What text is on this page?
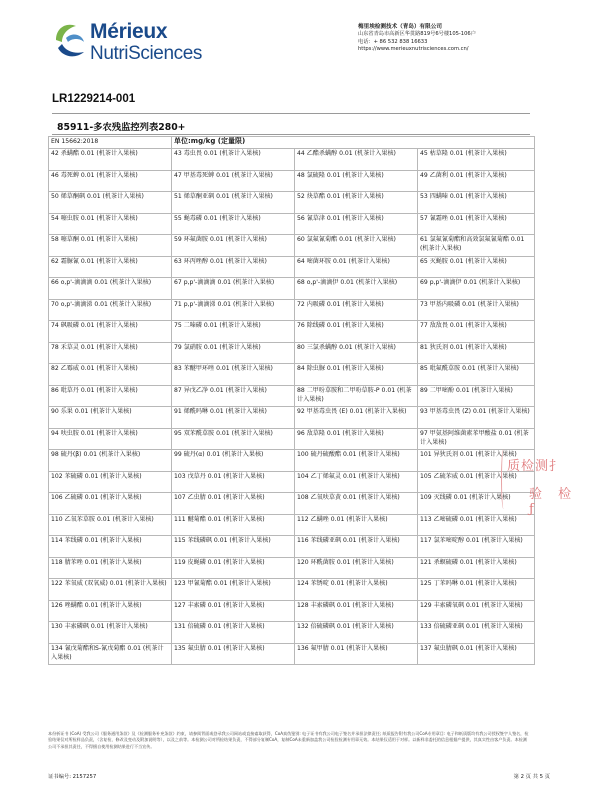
Mérieux
NutriSciences
梅里埃检测技术（青岛）有限公司
山东省青岛市高新区华贯路819号6号楼105-106户
电话：+ 86 532 838 16633
https://www.merieuxnutrisciences.com.cn/
LR1229214-001
85911-多农残监控列表280+
EN 15662:2018	单位:mg/kg (定量限)		
42 杀螨酯 0.01 (机茶计入果核)	43 毒虫畏 0.01 (机茶计入果核)	44 乙酯杀螨醇 0.01 (机茶计入果核)	45 枯草隆 0.01 (机茶计入果核)
46 毒死蜱 0.01 (机茶计入果核)	47 甲基毒死蜱 0.01 (机茶计入果核)	48 氯硫隆 0.01 (机茶计入果核)	49 乙菌利 0.01 (机茶计入果核)
50 烯草酮砜 0.01 (机茶计入果核)	51 烯草酮亚砜 0.01 (机茶计入果核)	52 炔草酯 0.01 (机茶计入果核)	53 四螨嗪 0.01 (机茶计入果核)
54 噻虫胺 0.01 (机茶计入果核)	55 蝇毒磷 0.01 (机茶计入果核)	56 氰草津 0.01 (机茶计入果核)	57 氰霜唑 0.01 (机茶计入果核)
58 噻草酮 0.01 (机茶计入果核)	59 环氟菌胺 0.01 (机茶计入果核)	60 氯氟氰菊酯 0.01 (机茶计入果核)	61 氯氟氰菊酯和高效氯氟氰菊酯 0.01 (机茶计入果核)
62 霜脲氰 0.01 (机茶计入果核)	63 环丙唑醇 0.01 (机茶计入果核)	64 嘧菌环胺 0.01 (机茶计入果核)	65 灭蝇胺 0.01 (机茶计入果核)
66 o,p'-滴滴滴 0.01 (机茶计入果核)	67 p,p'-滴滴滴 0.01 (机茶计入果核)	68 o,p'-滴滴伊 0.01 (机茶计入果核)	69 p,p'-滴滴伊 0.01 (机茶计入果核)
70 o,p'-滴滴涕 0.01 (机茶计入果核)	71 p,p'-滴滴涕 0.01 (机茶计入果核)	72 内吸磷 0.01 (机茶计入果核)	73 甲基内吸磷 0.01 (机茶计入果核)
74 砜吸磷 0.01 (机茶计入果核)	75 二嗪磷 0.01 (机茶计入果核)	76 除线磷 0.01 (机茶计入果核)	77 敌敌畏 0.01 (机茶计入果核)
78 禾草灵 0.01 (机茶计入果核)	79 氯硝胺 0.01 (机茶计入果核)	80 三氯杀螨醇 0.01 (机茶计入果核)	81 狄氏剂 0.01 (机茶计入果核)
82 乙霉威 0.01 (机茶计入果核)	83 苯醚甲环唑 0.01 (机茶计入果核)	84 除虫脲 0.01 (机茶计入果核)	85 吡氟酰草胺 0.01 (机茶计入果核)
86 吡草丹 0.01 (机茶计入果核)	87 异戊乙净 0.01 (机茶计入果核)	88 二甲吩草胺和二甲吩草胺-P 0.01 (机茶计入果核)	89 二甲嘧酚 0.01 (机茶计入果核)
90 乐果 0.01 (机茶计入果核)	91 烯酰吗啉 0.01 (机茶计入果核)	92 甲基毒虫畏 (E) 0.01 (机茶计入果核)	93 甲基毒虫畏 (Z) 0.01 (机茶计入果核)
94 呋虫胺 0.01 (机茶计入果核)	95 双苯酰草胺 0.01 (机茶计入果核)	96 敌草隆 0.01 (机茶计入果核)	97 甲氨基阿维菌素苯甲酸盐 0.01 (机茶计入果核)
98 硫丹(β) 0.01 (机茶计入果核)	99 硫丹(α) 0.01 (机茶计入果核)	100 硫丹硫酸酯 0.01 (机茶计入果核)	101 异狄氏剂 0.01 (机茶计入果核)
102 苯硫磷 0.01 (机茶计入果核)	103 戊草丹 0.01 (机茶计入果核)	104 乙丁烯氟灵 0.01 (机茶计入果核)	105 乙硫苯威 0.01 (机茶计入果核)
106 乙硫磷 0.01 (机茶计入果核)	107 乙虫腈 0.01 (机茶计入果核)	108 乙氧呋草黄 0.01 (机茶计入果核)	109 灭线磷 0.01 (机茶计入果核)
110 乙氧苯草胺 0.01 (机茶计入果核)	111 醚菊酯 0.01 (机茶计入果核)	112 乙螨唑 0.01 (机茶计入果核)	113 乙嘧硫磷 0.01 (机茶计入果核)
114 苯线磷 0.01 (机茶计入果核)	115 苯线磷砜 0.01 (机茶计入果核)	116 苯线磷亚砜 0.01 (机茶计入果核)	117 氯苯嘧啶醇 0.01 (机茶计入果核)
118 腈苯唑 0.01 (机茶计入果核)	119 皮蝇磷 0.01 (机茶计入果核)	120 环酰菌胺 0.01 (机茶计入果核)	121 杀螟硫磷 0.01 (机茶计入果核)
122 苯氧威 (双氧威) 0.01 (机茶计入果核)	123 甲氰菊酯 0.01 (机茶计入果核)	124 苯锈啶 0.01 (机茶计入果核)	125 丁苯吗啉 0.01 (机茶计入果核)
126 唑螨酯 0.01 (机茶计入果核)	127 丰索磷 0.01 (机茶计入果核)	128 丰索磷砜 0.01 (机茶计入果核)	129 丰索磷氧砜 0.01 (机茶计入果核)
130 丰索磷砜 0.01 (机茶计入果核)	131 倍硫磷 0.01 (机茶计入果核)	132 倍硫磷砜 0.01 (机茶计入果核)	133 倍硫磷亚砜 0.01 (机茶计入果核)
134 氰戊菊酯和S-氰戊菊酯 0.01 (机茶计入果核)	135 氟虫腈 0.01 (机茶计入果核)	136 氟甲腈 0.01 (机茶计入果核)	137 氟虫腈砜 0.01 (机茶计入果核)
质检测扌
验 检 ƒ
本份析证书 (CoA) 受我公司《服务通用条款》及《检测服务补充条款》约束，请参阅背面或登录我公司网站或直接索取获得，CoA真伪鉴别: 电子证书有我公司电子签名并承担法律责任; 纸质报告附有我公司CoA专用章目: 电子和纸质版均有我公司授权签字人签名，检验结果仅对所检样品负责，（含复检、修改及变动及附加说明等），以及之前等。本检测公司对所检结果负责，不得部分复制CoA，复制CoA未重新加盖我公司检验检测专用章无效。本结果仅适用于对样。以新样非委托的信息根据产提供，其真实性由客户负责。本检测公司不承担其责任，不得擅自使用检测结果进行不当宣传。
证书编号: 2157257	第 2 页 共 5 页
